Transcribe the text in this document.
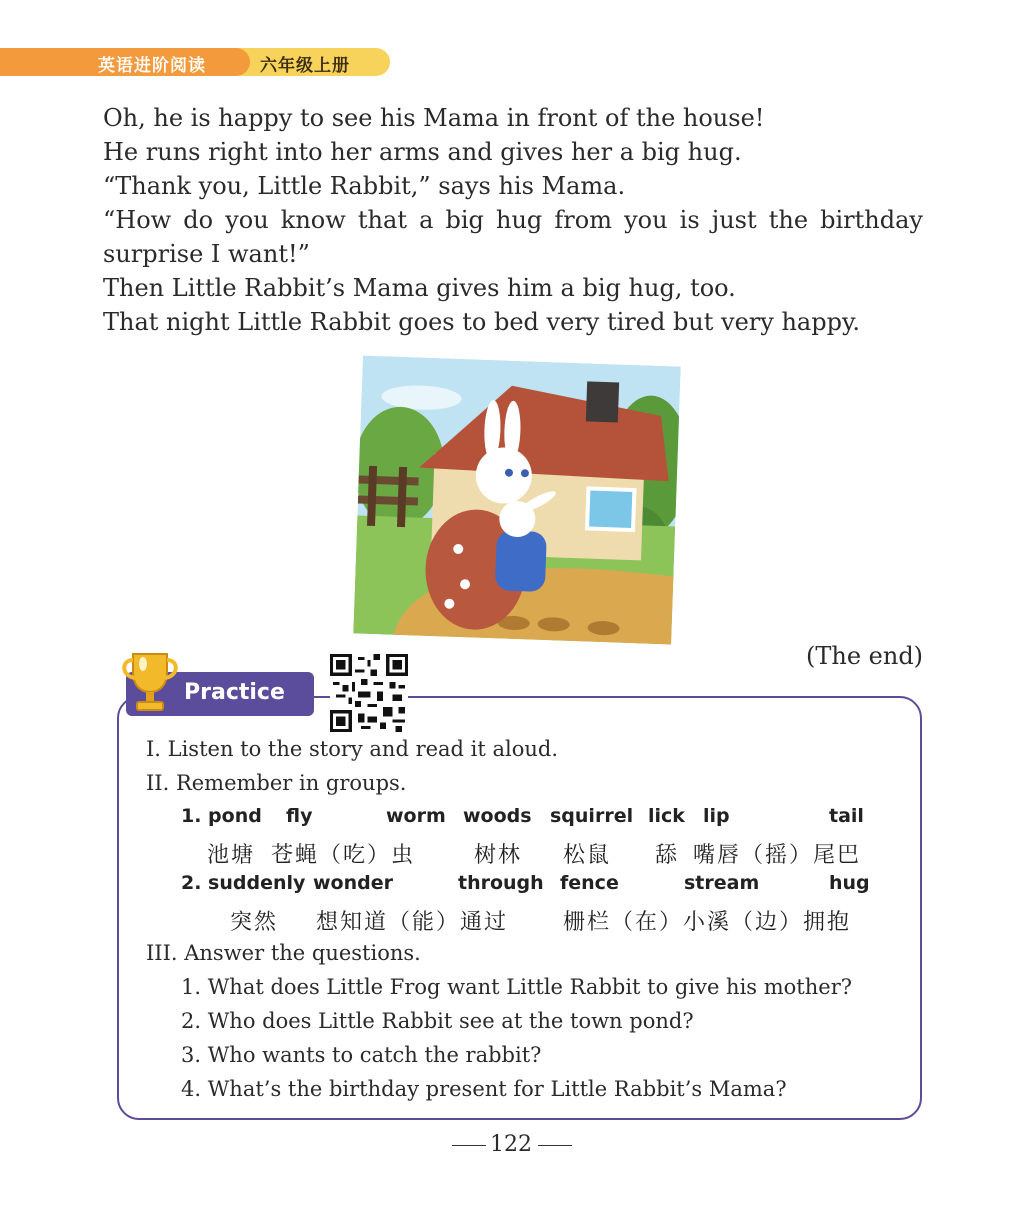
英语进阶阅读	六年级上册

Oh, he is happy to see his Mama in front of the house!

He runs right into her arms and gives her a big hug.

“Thank you, Little Rabbit,” says his Mama.

“How do you know that a big hug from you is just the birthday

surprise I want!”

Then Little Rabbit’s Mama gives him a big hug, too.

That night Little Rabbit goes to bed very tired but very happy.

(The end)
Practice
I. Listen to the story and read it aloud.
II. Remember in groups.
1. pond fly	worm woods squirrel lick lip	tail
池塘 苍蝇（吃）虫	树林 松鼠 舔 嘴唇（摇）尾巴
2. suddenly wonder	through fence	stream	hug
突然 想知道（能）通过 栅栏（在）小溪（边）拥抱
III. Answer the questions.
1. What does Little Frog want Little Rabbit to give his mother?
2. Who does Little Rabbit see at the town pond?
3. Who wants to catch the rabbit?
4. What’s the birthday present for Little Rabbit’s Mama?
122
